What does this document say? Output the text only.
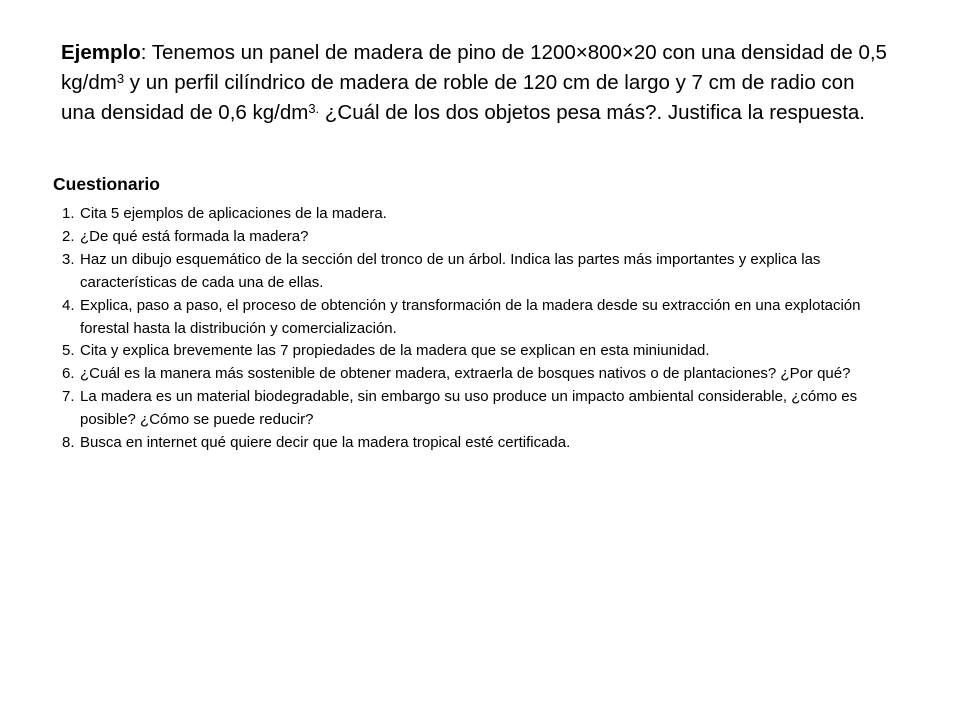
Ejemplo: Tenemos un panel de madera de pino de 1200×800×20 con una densidad de 0,5 $kg/dm^3$ y un perfil cilíndrico de madera de roble de 120 cm de largo y 7 cm de radio con una densidad de 0,6 $kg/dm^{3.}$ ¿Cuál de los dos objetos pesa más?. Justifica la respuesta.

Cuestionario
1. Cita 5 ejemplos de aplicaciones de la madera.
2. ¿De qué está formada la madera?
3. Haz un dibujo esquemático de la sección del tronco de un árbol. Indica las partes más importantes y explica las características de cada una de ellas.
4. Explica, paso a paso, el proceso de obtención y transformación de la madera desde su extracción en una explotación forestal hasta la distribución y comercialización.
5. Cita y explica brevemente las 7 propiedades de la madera que se explican en esta miniunidad.
6. ¿Cuál es la manera más sostenible de obtener madera, extraerla de bosques nativos o de plantaciones? ¿Por qué?
7. La madera es un material biodegradable, sin embargo su uso produce un impacto ambiental considerable, ¿cómo es posible? ¿Cómo se puede reducir?
8. Busca en internet qué quiere decir que la madera tropical esté certificada.
